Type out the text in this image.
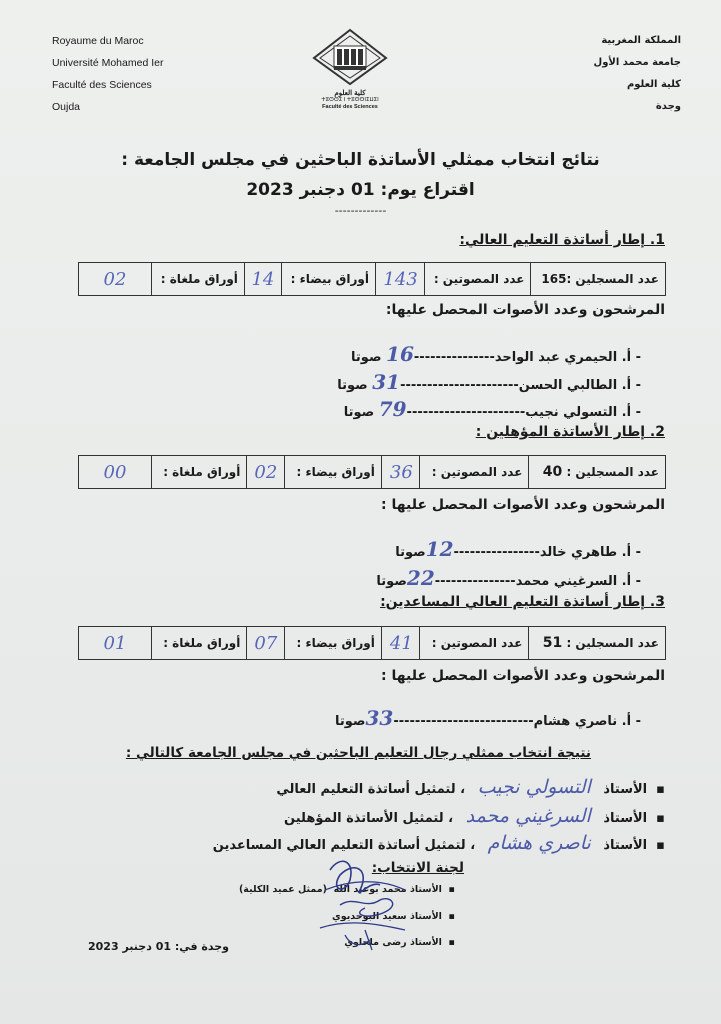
Royaume du Maroc
Université Mohamed Ier
Faculté des Sciences
Oujda
كلية العلوم
ⵜⵓⵙⵙⵉ ⵏ ⵜⵓⵙⵙⵏⵉⵡⵉⵏ
Faculté des Sciences
المملكة المغربية
جامعة محمد الأول
كلية العلوم
وجدة
نتائج انتخاب ممثلي الأساتذة الباحثين في مجلس الجامعة :
اقتراع يوم: 01 دجنبر 2023
-------------
1. إطار أساتذة التعليم العالي:
عدد المسجلين :165	عدد المصوتين :	143	أوراق بيضاء :	14	أوراق ملغاة :	02
المرشحون وعدد الأصوات المحصل عليها:
- أ. الحيمري عبد الواحد---------------16 صوتا
- أ. الطالبي الحسن----------------------31 صوتا
- أ. التسولي نجيب----------------------79 صوتا
2. إطار الأساتذة المؤهلين :
عدد المسجلين : 40	عدد المصوتين :	36	أوراق بيضاء :	02	أوراق ملغاة :	00
المرشحون وعدد الأصوات المحصل عليها :
- أ. طاهري خالد----------------12صوتا
- أ. السرغيني محمد---------------22صوتا
3. إطار أساتذة التعليم العالي المساعدين:
عدد المسجلين : 51	عدد المصوتين :	41	أوراق بيضاء :	07	أوراق ملغاة :	01
المرشحون وعدد الأصوات المحصل عليها :
- أ. ناصري هشام--------------------------33صوتا
نتيجة انتخاب ممثلي رجال التعليم الباحثين في مجلس الجامعة كالتالي :
▪  الأستاذ التسولي نجيب ، لتمثيل أساتذة التعليم العالي
▪  الأستاذ السرغيني محمد ، لتمثيل الأساتذة المؤهلين
▪  الأستاذ ناصري هشام ، لتمثيل أساتذة التعليم العالي المساعدين
لجنة الانتخاب:
▪  الأستاذ محمد بوعبد الله  (ممثل عميد الكلية)
▪  الأستاذ سعيد البوحديوي
▪  الأستاذ رضى ملحاوي
وجدة في: 01 دجنبر 2023
